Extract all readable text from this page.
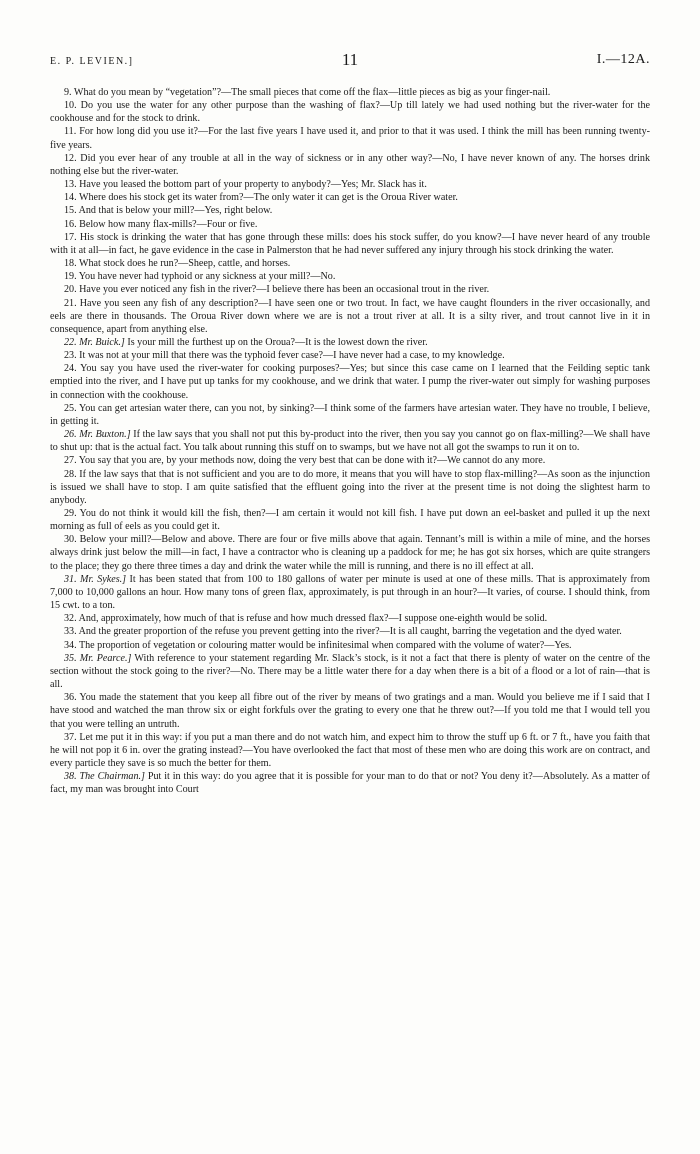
E. P. LEVIEN.]	11	I.—12A.

9. What do you mean by “vegetation”?—The small pieces that come off the flax—little pieces as big as your finger-nail.

10. Do you use the water for any other purpose than the washing of flax?—Up till lately we had used nothing but the river-water for the cookhouse and for the stock to drink.

11. For how long did you use it?—For the last five years I have used it, and prior to that it was used. I think the mill has been running twenty-five years.

12. Did you ever hear of any trouble at all in the way of sickness or in any other way?—No, I have never known of any. The horses drink nothing else but the river-water.

13. Have you leased the bottom part of your property to anybody?—Yes; Mr. Slack has it.

14. Where does his stock get its water from?—The only water it can get is the Oroua River water.

15. And that is below your mill?—Yes, right below.

16. Below how many flax-mills?—Four or five.

17. His stock is drinking the water that has gone through these mills: does his stock suffer, do you know?—I have never heard of any trouble with it at all—in fact, he gave evidence in the case in Palmerston that he had never suffered any injury through his stock drinking the water.

18. What stock does he run?—Sheep, cattle, and horses.

19. You have never had typhoid or any sickness at your mill?—No.

20. Have you ever noticed any fish in the river?—I believe there has been an occasional trout in the river.

21. Have you seen any fish of any description?—I have seen one or two trout. In fact, we have caught flounders in the river occasionally, and eels are there in thousands. The Oroua River down where we are is not a trout river at all. It is a silty river, and trout cannot live in it in consequence, apart from anything else.

22. Mr. Buick.] Is your mill the furthest up on the Oroua?—It is the lowest down the river.

23. It was not at your mill that there was the typhoid fever case?—I have never had a case, to my knowledge.

24. You say you have used the river-water for cooking purposes?—Yes; but since this case came on I learned that the Feilding septic tank emptied into the river, and I have put up tanks for my cookhouse, and we drink that water. I pump the river-water out simply for washing purposes in connection with the cookhouse.

25. You can get artesian water there, can you not, by sinking?—I think some of the farmers have artesian water. They have no trouble, I believe, in getting it.

26. Mr. Buxton.] If the law says that you shall not put this by-product into the river, then you say you cannot go on flax-milling?—We shall have to shut up: that is the actual fact. You talk about running this stuff on to swamps, but we have not all got the swamps to run it on to.

27. You say that you are, by your methods now, doing the very best that can be done with it?—We cannot do any more.

28. If the law says that that is not sufficient and you are to do more, it means that you will have to stop flax-milling?—As soon as the injunction is issued we shall have to stop. I am quite satisfied that the effluent going into the river at the present time is not doing the slightest harm to anybody.

29. You do not think it would kill the fish, then?—I am certain it would not kill fish. I have put down an eel-basket and pulled it up the next morning as full of eels as you could get it.

30. Below your mill?—Below and above. There are four or five mills above that again. Tennant’s mill is within a mile of mine, and the horses always drink just below the mill—in fact, I have a contractor who is cleaning up a paddock for me; he has got six horses, which are quite strangers to the place; they go there three times a day and drink the water while the mill is running, and there is no ill effect at all.

31. Mr. Sykes.] It has been stated that from 100 to 180 gallons of water per minute is used at one of these mills. That is approximately from 7,000 to 10,000 gallons an hour. How many tons of green flax, approximately, is put through in an hour?—It varies, of course. I should think, from 15 cwt. to a ton.

32. And, approximately, how much of that is refuse and how much dressed flax?—I suppose one-eighth would be solid.

33. And the greater proportion of the refuse you prevent getting into the river?—It is all caught, barring the vegetation and the dyed water.

34. The proportion of vegetation or colouring matter would be infinitesimal when compared with the volume of water?—Yes.

35. Mr. Pearce.] With reference to your statement regarding Mr. Slack’s stock, is it not a fact that there is plenty of water on the centre of the section without the stock going to the river?—No. There may be a little water there for a day when there is a bit of a flood or a lot of rain—that is all.

36. You made the statement that you keep all fibre out of the river by means of two gratings and a man. Would you believe me if I said that I have stood and watched the man throw six or eight forkfuls over the grating to every one that he threw out?—If you told me that I would tell you that you were telling an untruth.

37. Let me put it in this way: if you put a man there and do not watch him, and expect him to throw the stuff up 6 ft. or 7 ft., have you faith that he will not pop it 6 in. over the grating instead?—You have overlooked the fact that most of these men who are doing this work are on contract, and every particle they save is so much the better for them.

38. The Chairman.] Put it in this way: do you agree that it is possible for your man to do that or not? You deny it?—Absolutely. As a matter of fact, my man was brought into Court
